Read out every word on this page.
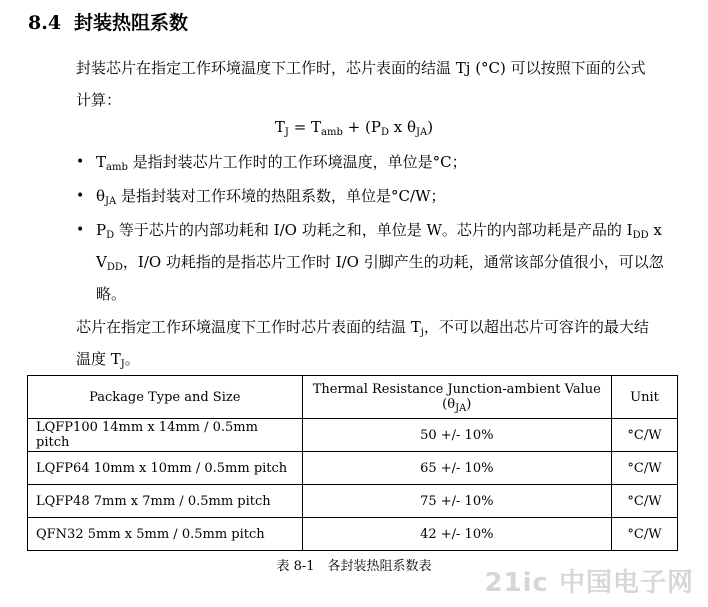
8.4 封装热阻系数
封装芯片在指定工作环境温度下工作时，芯片表面的结温 Tj (°C) 可以按照下面的公式
计算：
$T_J = T_{amb} + (P_D$ x $\theta_{JA}$)
• $T_{amb}$ 是指封装芯片工作时的工作环境温度，单位是°C；
• $\theta_{JA}$ 是指封装对工作环境的热阻系数，单位是°C/W；
• $P_D$ 等于芯片的内部功耗和 I/O 功耗之和，单位是 W。芯片的内部功耗是产品的 $I_{DD}$ x
$V_{DD}$，I/O 功耗指的是指芯片工作时 I/O 引脚产生的功耗，通常该部分值很小，可以忽
略。
芯片在指定工作环境温度下工作时芯片表面的结温 $T_j$，不可以超出芯片可容许的最大结
温度 $T_J$。
Package Type and Size	Thermal Resistance Junction-ambient Value $(\theta_{JA})$	Unit
LQFP100 14mm x 14mm / 0.5mm pitch	50 +/- 10%	°C/W
LQFP64 10mm x 10mm / 0.5mm pitch	65 +/- 10%	°C/W
LQFP48 7mm x 7mm / 0.5mm pitch	75 +/- 10%	°C/W
QFN32 5mm x 5mm / 0.5mm pitch	42 +/- 10%	°C/W
表 8-1　各封装热阻系数表
21ic 中国电子网
